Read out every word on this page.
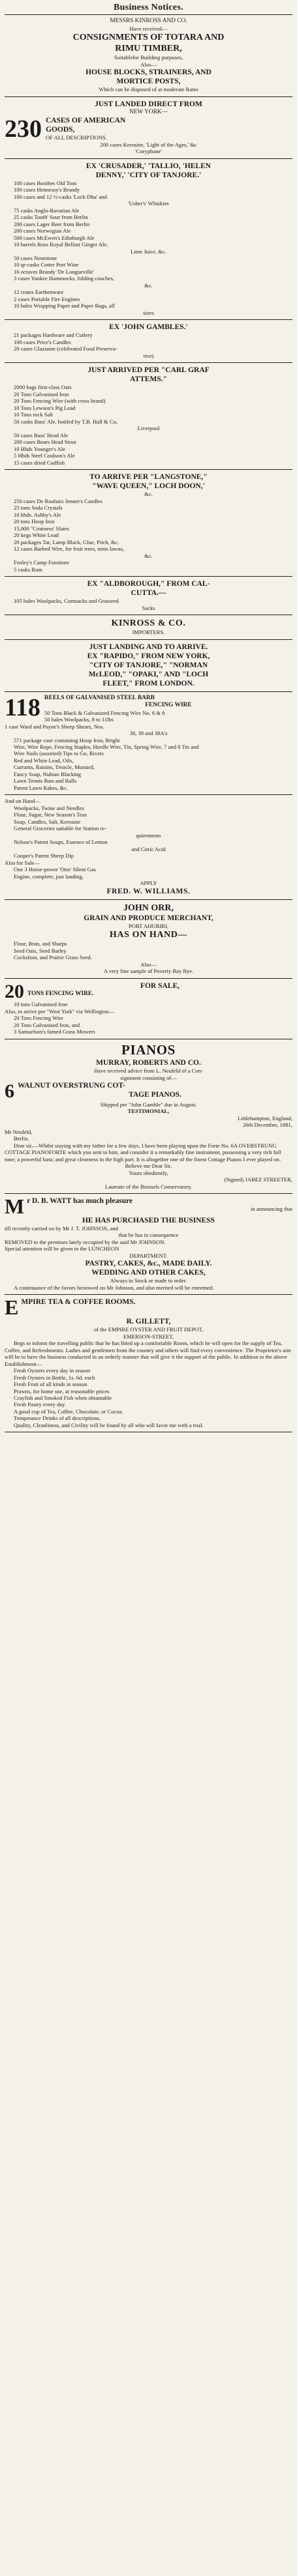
Business Notices.
MESSRS KINROSS AND CO.
Have received—
CONSIGNMENTS OF TOTARA AND
RIMU TIMBER,
Suitablefor Building purposes,
Also—
HOUSE BLOCKS, STRAINERS, AND
MORTICE POSTS,
Which can be disposed of at moderate Rates
JUST LANDED DIRECT FROM
NEW YORK—
230 CASES OF AMERICAN
GOODS,
OF ALL DESCRIPTIONS.
200 cases Kerosine, 'Light of the Ages,' &c
'Corypbane'
EX 'CRUSADER,' 'TALLIO, 'HELEN
DENNY,' 'CITY OF TANJORE.'
100 cases Boothes Old Tom
100 cases Hennessy's Brandy
100 cases and 12 ½-casks 'Loch Dhu' and
'Usher's' Whiskies
75 casks Anglo-Bavarian Ale
25 casks Tooth' Sour from Berlin
200 cases Lager Beer from Berlin
200 cases Norwegian Ale
500 cases McEwen's Edinburgh Ale
10 barrels Ross Royal Belfast Ginger Ale,
Lime Juice, &c.
50 cases Neurstone
10 qr-casks Cotter Port Wine
16 octaves Brandy 'De Longueville'
3 cases Yankee Hammocks, folding couches,
&c.
12 crates Earthenware
2 cases Portable Fire Engines
10 bales Wrapping Paper and Paper Bags, all
sizes
EX 'JOHN GAMBLES.'
21 packages Hardware and Cutlery
100 cases Price's Candles
20 cases Glaziaine (celebrated Food Preserva-
tive)
JUST ARRIVED PER "CARL GRAF
ATTEMS."
2000 bags first-class Oats
20 Tons Galvanised Iron
20 Tons Fencing Wire (with cross brand)
10 Tons Lewson's Pig Lead
10 Tons rock Salt
50 casks Bass' Ale, bottled by T.B. Hall & Co,
Liverpool
50 cases Bass' Head Ale
200 cases Boars Head Stout
10 Hhds Younger's Ale
5 Hhds Steel Coulson's Ale
15 cases dried Codfish
TO ARRIVE PER "LANGSTONE,"
"WAVE QUEEN," LOCH DOON,'
&c.
250 cases De Roubaix Jenner's Candles
25 tons Soda Crystals
10 hhds. Ashby's Ale
20 tons Hoop Iron
15,000 "Coutness' Slates
20 kegs White Lead
20 packages Tar, Lamp Black, Glue, Pitch, &c.
12 cases Barbed Wire, for fruit trees, tents lawns,
&c.
Fenley's Camp Furniture
5 casks Rum
EX "ALDBOROUGH," FROM CAL-
CUTTA.—
105 bales Woolpacks, Cornsacks and Grasseed
Sacks
KINROSS & CO.
IMPORTERS.
JUST LANDING AND TO ARRIVE.
EX "RAPIDO," FROM NEW YORK,
"CITY OF TANJORE," "NORMAN
McLEOD," "OPAKI," AND "LOCH
FLEET," FROM LONDON.
118 REELS OF GALVANISED STEEL BARB
FENCING WIRE
50 Tons Black & Galvanized Fencing Wire No. 6 & 8
50 bales Woolpacks, 8 to 11lbs
1 case Ward and Payne's Sheep Shears, Nos.
38, 39 and 38A's
571 package case containing Hoop Iron, Bright
Wire, Wire Rope, Fencing Staples, Hurdle Wire, Tin, Spring Wire, 7 and 8 Tin and
Wire Nails (assorted) Tips to Go, Rivets
Red and White Lead, Oils,
Currants, Raisins, Treacle, Mustard,
Fancy Soap, Nubian Blacking
Lawn Tennis Bats and Balls
Patent Lawn Rakes, &c.
And on Hand—
Woolpacks, Twine and Needles
Flour, Sugar, New Season's Teas
Soap, Candles, Salt, Kerosine
General Groceries suitable for Station re-
quirements
Nelson's Patent Soups, Essence of Lemon
and Citric Acid
Cooper's Patent Sheep Dip
Also for Sale—
One 3 Horse-power 'Otto' Silent Gas
Engine, complete, just landing,
APPLY
FRED. W. WILLIAMS.
JOHN ORR,
GRAIN AND PRODUCE MERCHANT,
PORT AHURIRI,
HAS ON HAND—
Flour, Bran, and Sharps
Seed Oats, Seed Barley
Cocksfoot, and Prairie Grass Seed.
Also—
A very fine sample of Poverty Bay Rye.
20	FOR SALE,
TONS FENCING WIRE.
10 tons Galvanised Iron
Also, to arrive per "West York" via Wellington—
20 Tons Fencing Wire
20 Tons Galvanised Iron, and
3 Samuelson's famed Grass Mowers
PIANOS
MURRAY, ROBERTS AND CO.
Have received advice from L. Neufeld of a Con-
signment consisting of—
6 WALNUT OVERSTRUNG COT-
TAGE PIANOS.
Shipped per "John Gamble" due in August.
TESTIMONIAL,
Littlehampton, England,
26th December, 1881,
Mr Neufeld,
Berlin.
Dear sir,—Whilst staying with my father for a few days, I have been playing upon the Forte No. 6A OVERSTRUNG COTTAGE PIANOFORTE which you sent to him, and consider it a remarkably fine instrument, possessing a very rich full tone; a powerful bass; and great clearness in the high part. It is altogether one of the finest Cottage Pianos I ever played on.
Believe me Dear Sir,
Yours obediently,
(Signed) JABEZ STREETER,
Laureate of the Brussels Conservatory.
M r D. B. WATT has much pleasure
in announcing that
HE HAS PURCHASED THE BUSINESS
till recently carried on by Mr J. T. JOHNSON, and
that he has in consequence
REMOVED to the premises lately occupied by the said Mr JOHNSON.
Special attention will be given to the LUNCHEON
DEPARTMENT.
PASTRY, CAKES, &c., MADE DAILY.
WEDDING AND OTHER CAKES,
Always in Stock or made to order.
A continuance of the favors bestowed on Mr Johnson, and also merited will be esteemed.
E MPIRE TEA & COFFEE ROOMS.
R. GILLETT,
of the EMPIRE OYSTER AND FRUIT DEPOT,
EMERSON-STREET,
Begs to inform the travelling public that he has fitted up a comfortable Room, which he will open for the supply of Tea, Coffee, and Refreshments. Ladies and gentlemen from the country and others will find every convenience. The Proprietor's aim will be to have the business conducted in an orderly manner that will give it the support of the public. In addition to the above Establishment—
Fresh Oysters every day in season
Fresh Oysters in Bottle, 1s. 6d. each
Fresh Fruit of all kinds in season
Prawns, for home use, at reasonable prices
Crayfish and Smoked Fish when obtainable
Fresh Pastry every day
A good cup of Tea, Coffee, Chocolate, or Cocoa.
Temperance Drinks of all descriptions.
Quality, Cleanliness, and Civility will be found by all who will favor me with a trial.
